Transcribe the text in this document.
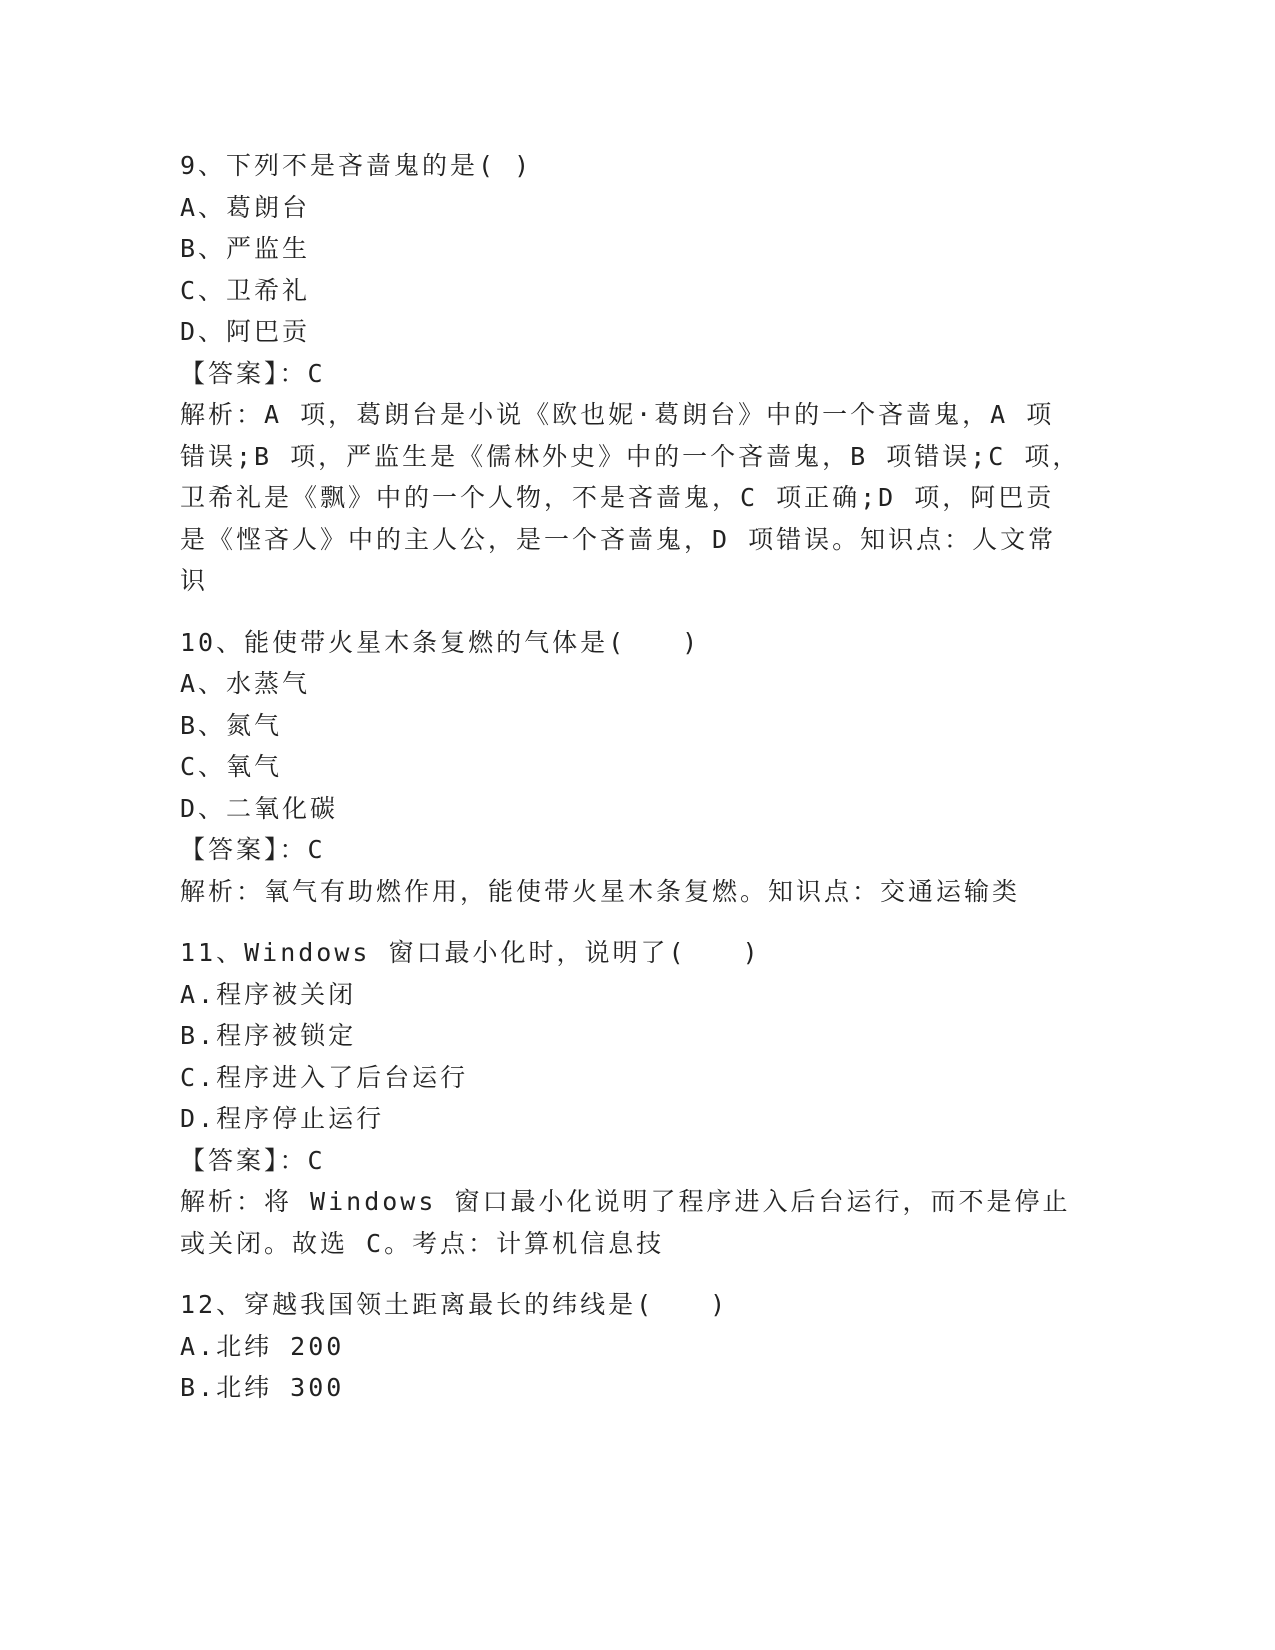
9、下列不是吝啬鬼的是( )
A、葛朗台
B、严监生
C、卫希礼
D、阿巴贡
【答案】：C
解析：A 项，葛朗台是小说《欧也妮·葛朗台》中的一个吝啬鬼，A 项
错误;B 项，严监生是《儒林外史》中的一个吝啬鬼，B 项错误;C 项，
卫希礼是《飘》中的一个人物，不是吝啬鬼，C 项正确;D 项，阿巴贡
是《悭吝人》中的主人公，是一个吝啬鬼，D 项错误。知识点：人文常
识
10、能使带火星木条复燃的气体是(　　)
A、水蒸气
B、氮气
C、氧气
D、二氧化碳
【答案】：C
解析：氧气有助燃作用，能使带火星木条复燃。知识点：交通运输类
11、Windows 窗口最小化时，说明了(　　)
A.程序被关闭
B.程序被锁定
C.程序进入了后台运行
D.程序停止运行
【答案】：C
解析：将 Windows 窗口最小化说明了程序进入后台运行，而不是停止
或关闭。故选 C。考点：计算机信息技
12、穿越我国领土距离最长的纬线是(　　)
A.北纬 200
B.北纬 300
